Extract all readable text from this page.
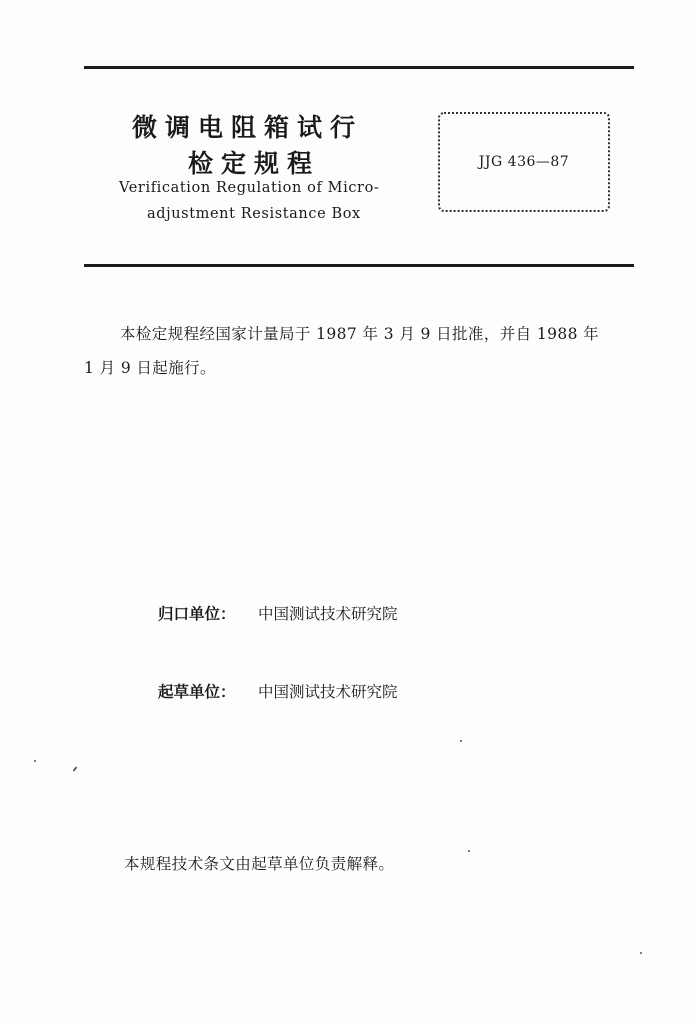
微调电阻箱试行
检定规程
Verification Regulation of Micro-
adjustment Resistance Box
JJG 436—87
本检定规程经国家计量局于 1987 年 3 月 9 日批准，并自 1988 年
1 月 9 日起施行。
归口单位： 中国测试技术研究院
起草单位： 中国测试技术研究院
本规程技术条文由起草单位负责解释。
